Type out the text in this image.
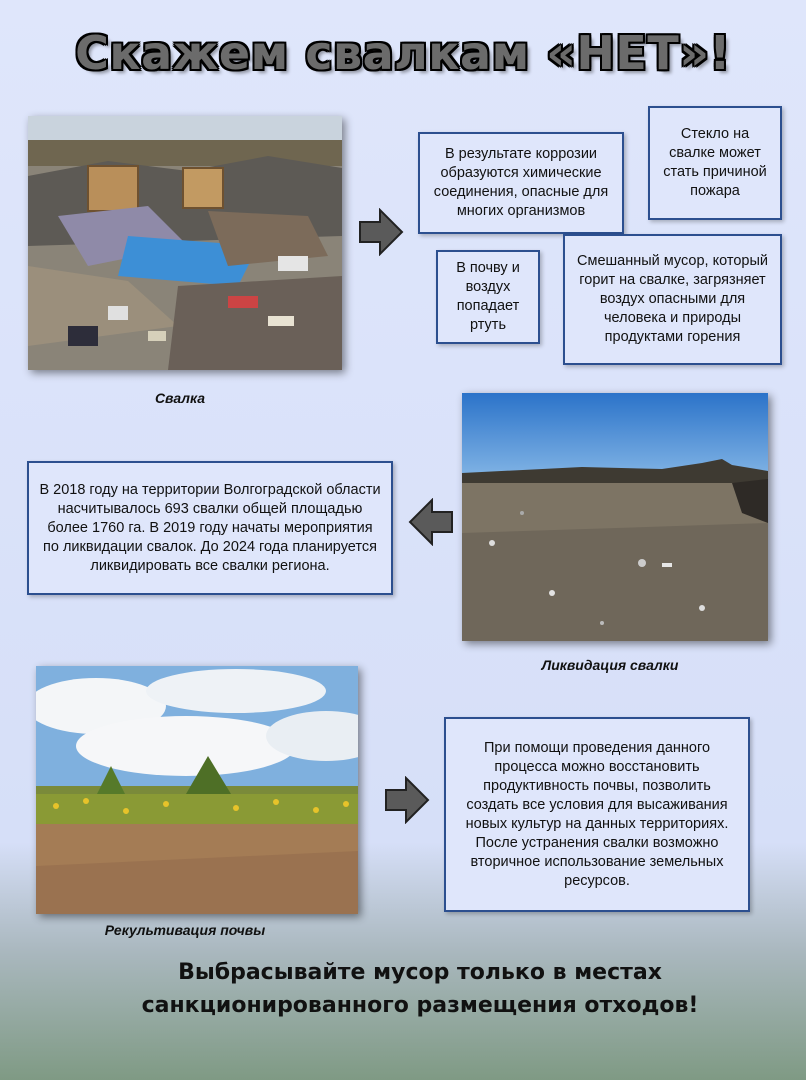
Скажем свалкам «НЕТ»!
Свалка
В результате коррозии образуются химические соединения, опасные для многих организмов
Стекло на свалке может стать причиной пожара
В почву и воздух попадает ртуть
Смешанный мусор, который горит на свалке, загрязняет воздух опасными для человека и природы продуктами горения
Ликвидация свалки
В 2018 году на территории Волгоградской области насчитывалось 693 свалки общей площадью более 1760 га. В 2019 году начаты мероприятия по ликвидации свалок. До 2024 года планируется ликвидировать все свалки региона.
Рекультивация почвы
При помощи проведения данного процесса можно восстановить продуктивность почвы, позволить создать все условия для высаживания новых культур на данных территориях. После устранения свалки возможно вторичное использование земельных ресурсов.
Выбрасывайте мусор только в местах санкционированного размещения отходов!
